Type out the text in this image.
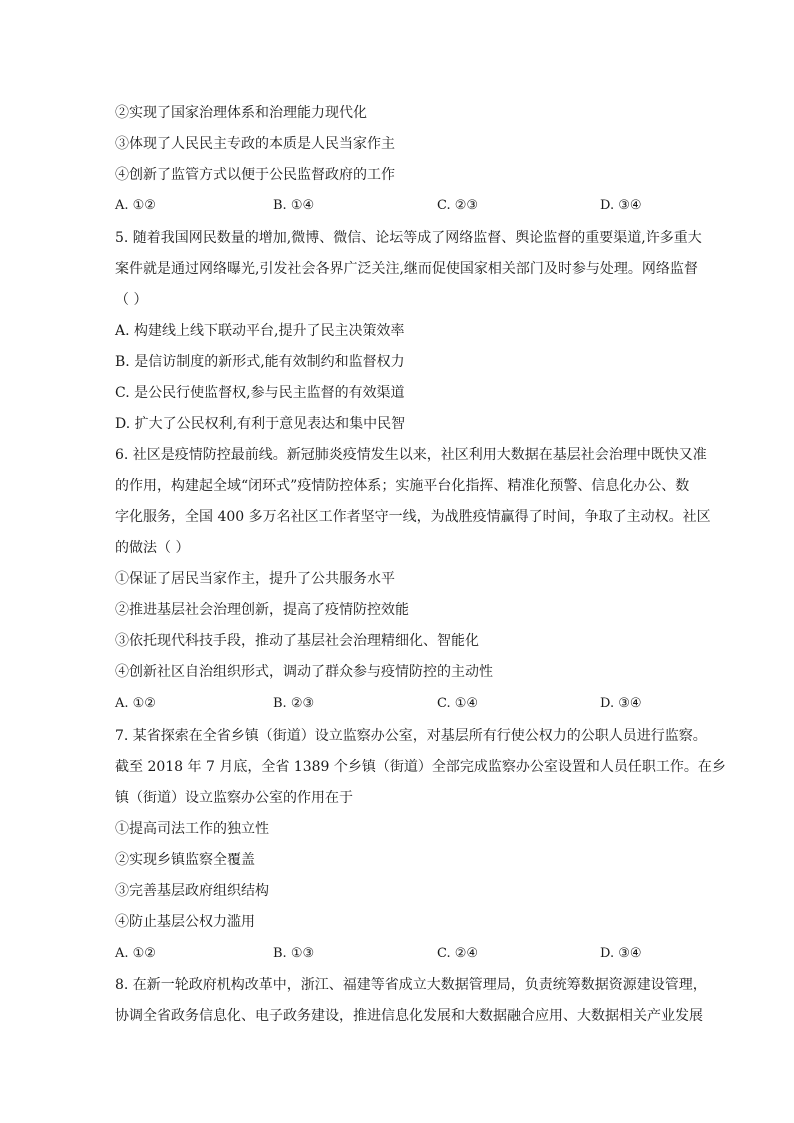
②实现了国家治理体系和治理能力现代化
③体现了人民民主专政的本质是人民当家作主
④创新了监管方式以便于公民监督政府的工作
A. ①②	B. ①④	C. ②③	D. ③④
5. 随着我国网民数量的增加,微博、微信、论坛等成了网络监督、舆论监督的重要渠道,许多重大
案件就是通过网络曝光,引发社会各界广泛关注,继而促使国家相关部门及时参与处理。网络监督
（ ）
A. 构建线上线下联动平台,提升了民主决策效率
B. 是信访制度的新形式,能有效制约和监督权力
C. 是公民行使监督权,参与民主监督的有效渠道
D. 扩大了公民权利,有利于意见表达和集中民智
6. 社区是疫情防控最前线。新冠肺炎疫情发生以来，社区利用大数据在基层社会治理中既快又准
的作用，构建起全域“闭环式”疫情防控体系；实施平台化指挥、精准化预警、信息化办公、数
字化服务，全国 400 多万名社区工作者坚守一线，为战胜疫情赢得了时间，争取了主动权。社区
的做法（ ）
①保证了居民当家作主，提升了公共服务水平
②推进基层社会治理创新，提高了疫情防控效能
③依托现代科技手段，推动了基层社会治理精细化、智能化
④创新社区自治组织形式，调动了群众参与疫情防控的主动性
A. ①②	B. ②③	C. ①④	D. ③④
7. 某省探索在全省乡镇（街道）设立监察办公室，对基层所有行使公权力的公职人员进行监察。
截至 2018 年 7 月底，全省 1389 个乡镇（街道）全部完成监察办公室设置和人员任职工作。在乡
镇（街道）设立监察办公室的作用在于
①提高司法工作的独立性
②实现乡镇监察全覆盖
③完善基层政府组织结构
④防止基层公权力滥用
A. ①②	B. ①③	C. ②④	D. ③④
8. 在新一轮政府机构改革中，浙江、福建等省成立大数据管理局，负责统筹数据资源建设管理，
协调全省政务信息化、电子政务建设，推进信息化发展和大数据融合应用、大数据相关产业发展
